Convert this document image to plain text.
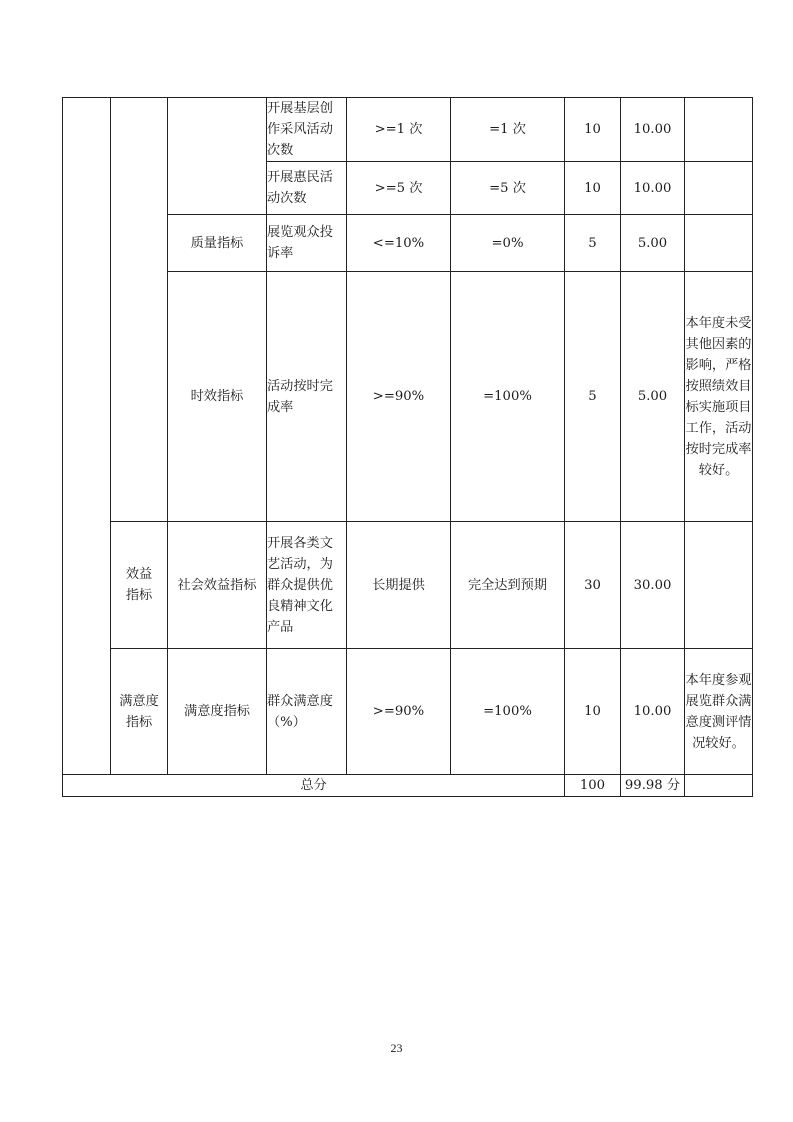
			开展基层创作采风活动次数	>=1 次	=1 次	10	10.00	
			开展惠民活动次数	>=5 次	=5 次	10	10.00	
		质量指标	展览观众投诉率	<=10%	=0%	5	5.00	
		时效指标	活动按时完成率	>=90%	=100%	5	5.00	本年度未受其他因素的影响，严格按照绩效目标实施项目工作，活动按时完成率较好。
	效益指标	社会效益指标	开展各类文艺活动，为群众提供优良精神文化产品	长期提供	完全达到预期	30	30.00	
	满意度指标	满意度指标	群众满意度（%）	>=90%	=100%	10	10.00	本年度参观展览群众满意度测评情况较好。
总分						100	99.98 分	
23
